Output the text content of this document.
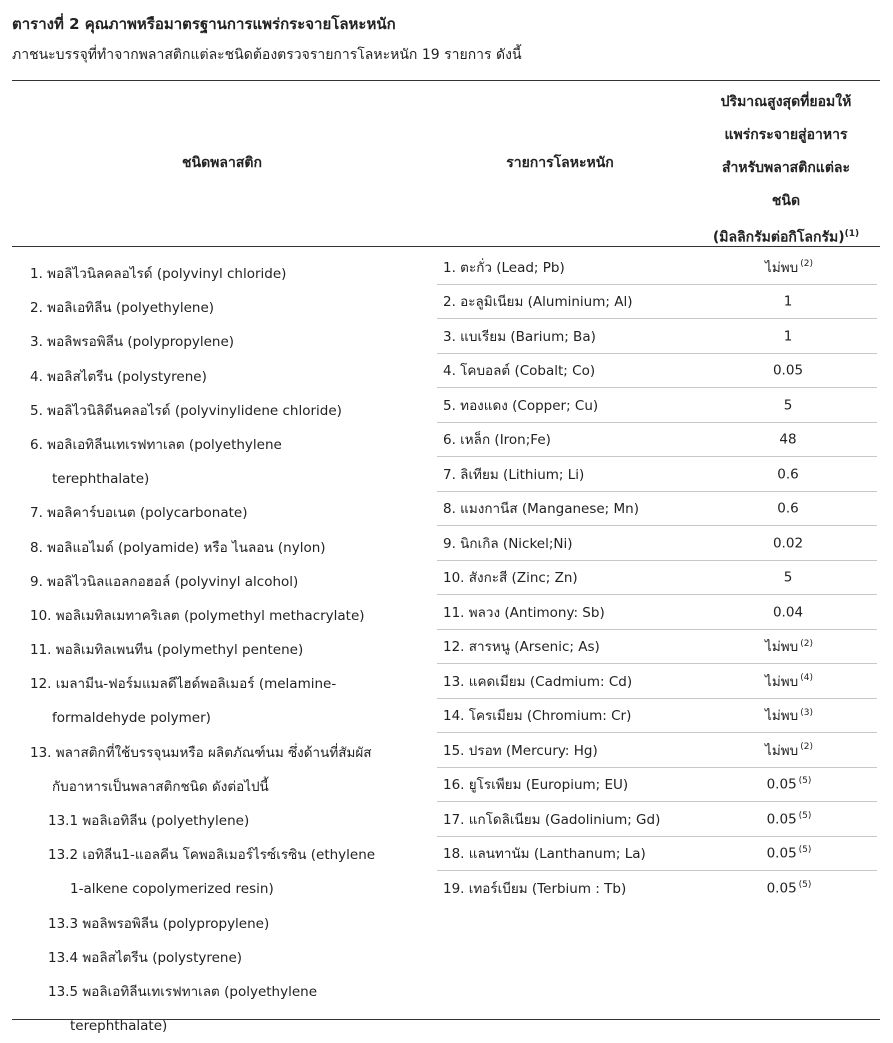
ตารางที่ 2 คุณภาพหรือมาตรฐานการแพร่กระจายโลหะหนัก
ภาชนะบรรจุที่ทำจากพลาสติกแต่ละชนิดต้องตรวจรายการโลหะหนัก 19 รายการ ดังนี้
ชนิดพลาสติก	รายการโลหะหนัก
ปริมาณสูงสุดที่ยอมให้
แพร่กระจายสู่อาหาร
สำหรับพลาสติกแต่ละ
ชนิด
(มิลลิกรัมต่อกิโลกรัม)$^{(1)}$
1. พอลิไวนิลคลอไรด์ (polyvinyl chloride)
2. พอลิเอทิลีน (polyethylene)
3. พอลิพรอพิลีน (polypropylene)
4. พอลิสไตรีน (polystyrene)
5. พอลิไวนิลิดีนคลอไรด์ (polyvinylidene chloride)
6. พอลิเอทิลีนเทเรฟทาเลต (polyethylene
terephthalate)
7. พอลิคาร์บอเนต (polycarbonate)
8. พอลิแอไมด์ (polyamide) หรือ ไนลอน (nylon)
9. พอลิไวนิลแอลกอฮอล์ (polyvinyl alcohol)
10. พอลิเมทิลเมทาคริเลต (polymethyl methacrylate)
11. พอลิเมทิลเพนทีน (polymethyl pentene)
12. เมลามีน-ฟอร์มแมลดีไฮด์พอลิเมอร์ (melamine-
formaldehyde polymer)
13. พลาสติกที่ใช้บรรจุนมหรือ ผลิตภัณฑ์นม ซึ่งด้านที่สัมผัส
กับอาหารเป็นพลาสติกชนิด ดังต่อไปนี้
13.1 พอลิเอทิลีน (polyethylene)
13.2 เอทิลีน1-แอลคีน โคพอลิเมอร์ไรซ์เรซิน (ethylene
1-alkene copolymerized resin)
13.3 พอลิพรอพิลีน (polypropylene)
13.4 พอลิสไตรีน (polystyrene)
13.5 พอลิเอทิลีนเทเรฟทาเลต (polyethylene
terephthalate)
1. ตะกั่ว (Lead; Pb)	ไม่พบ $^{(2)}$
2. อะลูมิเนียม (Aluminium; Al)	1
3. แบเรียม (Barium; Ba)	1
4. โคบอลต์ (Cobalt; Co)	0.05
5. ทองแดง (Copper; Cu)	5
6. เหล็ก (Iron;Fe)	48
7. ลิเทียม (Lithium; Li)	0.6
8. แมงกานีส (Manganese; Mn)	0.6
9. นิกเกิล (Nickel;Ni)	0.02
10. สังกะสี (Zinc; Zn)	5
11. พลวง (Antimony: Sb)	0.04
12. สารหนู (Arsenic; As)	ไม่พบ $^{(2)}$
13. แคดเมียม (Cadmium: Cd)	ไม่พบ $^{(4)}$
14. โครเมียม (Chromium: Cr)	ไม่พบ $^{(3)}$
15. ปรอท (Mercury: Hg)	ไม่พบ $^{(2)}$
16. ยูโรเพียม (Europium; EU)	0.05 $^{(5)}$
17. แกโดลิเนียม (Gadolinium; Gd)	0.05 $^{(5)}$
18. แลนทานัม (Lanthanum; La)	0.05 $^{(5)}$
19. เทอร์เบียม (Terbium : Tb)	0.05 $^{(5)}$
